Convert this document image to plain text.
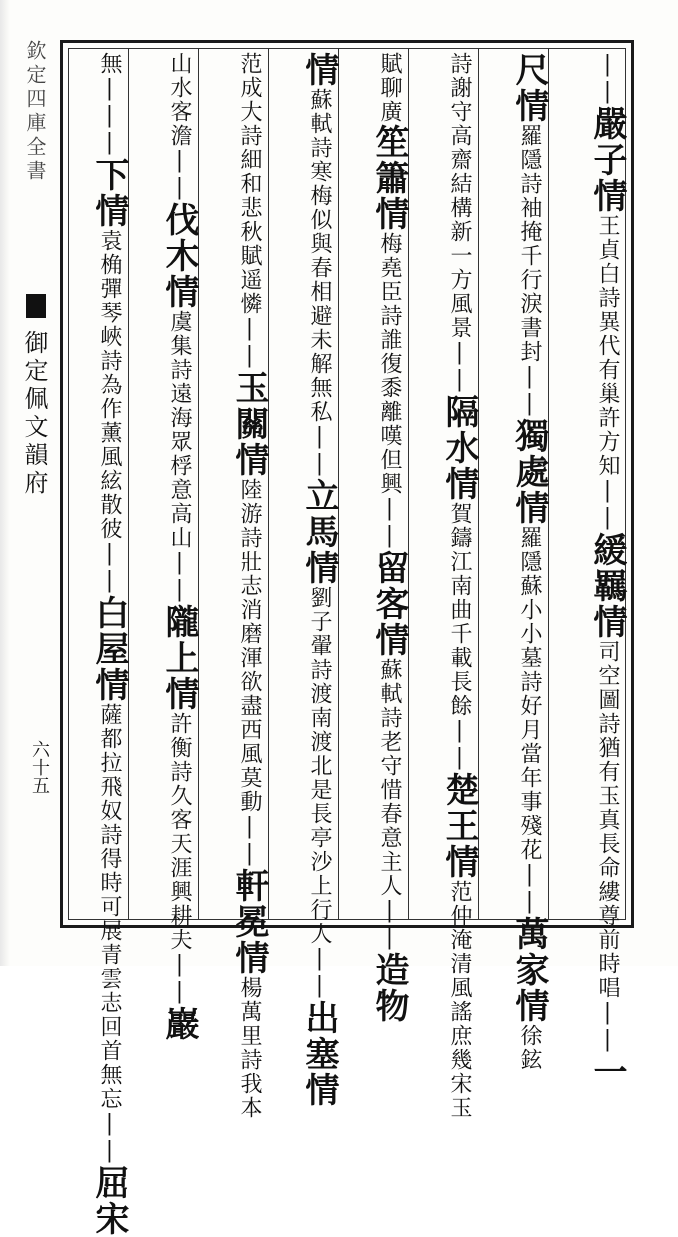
欽定四庫全書
御定佩文韻府
六十五
||嚴子情王貞白詩異代有巢許方知||緩羈情司空圖詩猶有玉真長命縷尊前時唱||一
尺情羅隱詩袖掩千行淚書封||獨處情羅隱蘇小小墓詩好月當年事殘花||萬家情徐鉉
詩謝守高齋結構新一方風景||隔水情賀鑄江南曲千載長餘||楚王情范仲淹清風謠庶幾宋玉
賦聊廣笙簫情梅堯臣詩誰復黍離嘆但興||留客情蘇軾詩老守惜春意主人||造物
情蘇軾詩寒梅似與春相避未解無私||立馬情劉子翬詩渡南渡北是長亭沙上行人||出塞情
范成大詩細和悲秋賦遥憐||玉關情陸游詩壯志消磨渾欲盡西風莫動||軒冕情楊萬里詩我本
山水客澹||伐木情虞集詩遠海眾桴意高山||隴上情許衡詩久客天涯興耕夫||巖
無|||下情袁桷彈琴峽詩為作薰風絃散彼||白屋情薩都拉飛奴詩得時可展青雲志回首無忘||屈宋
